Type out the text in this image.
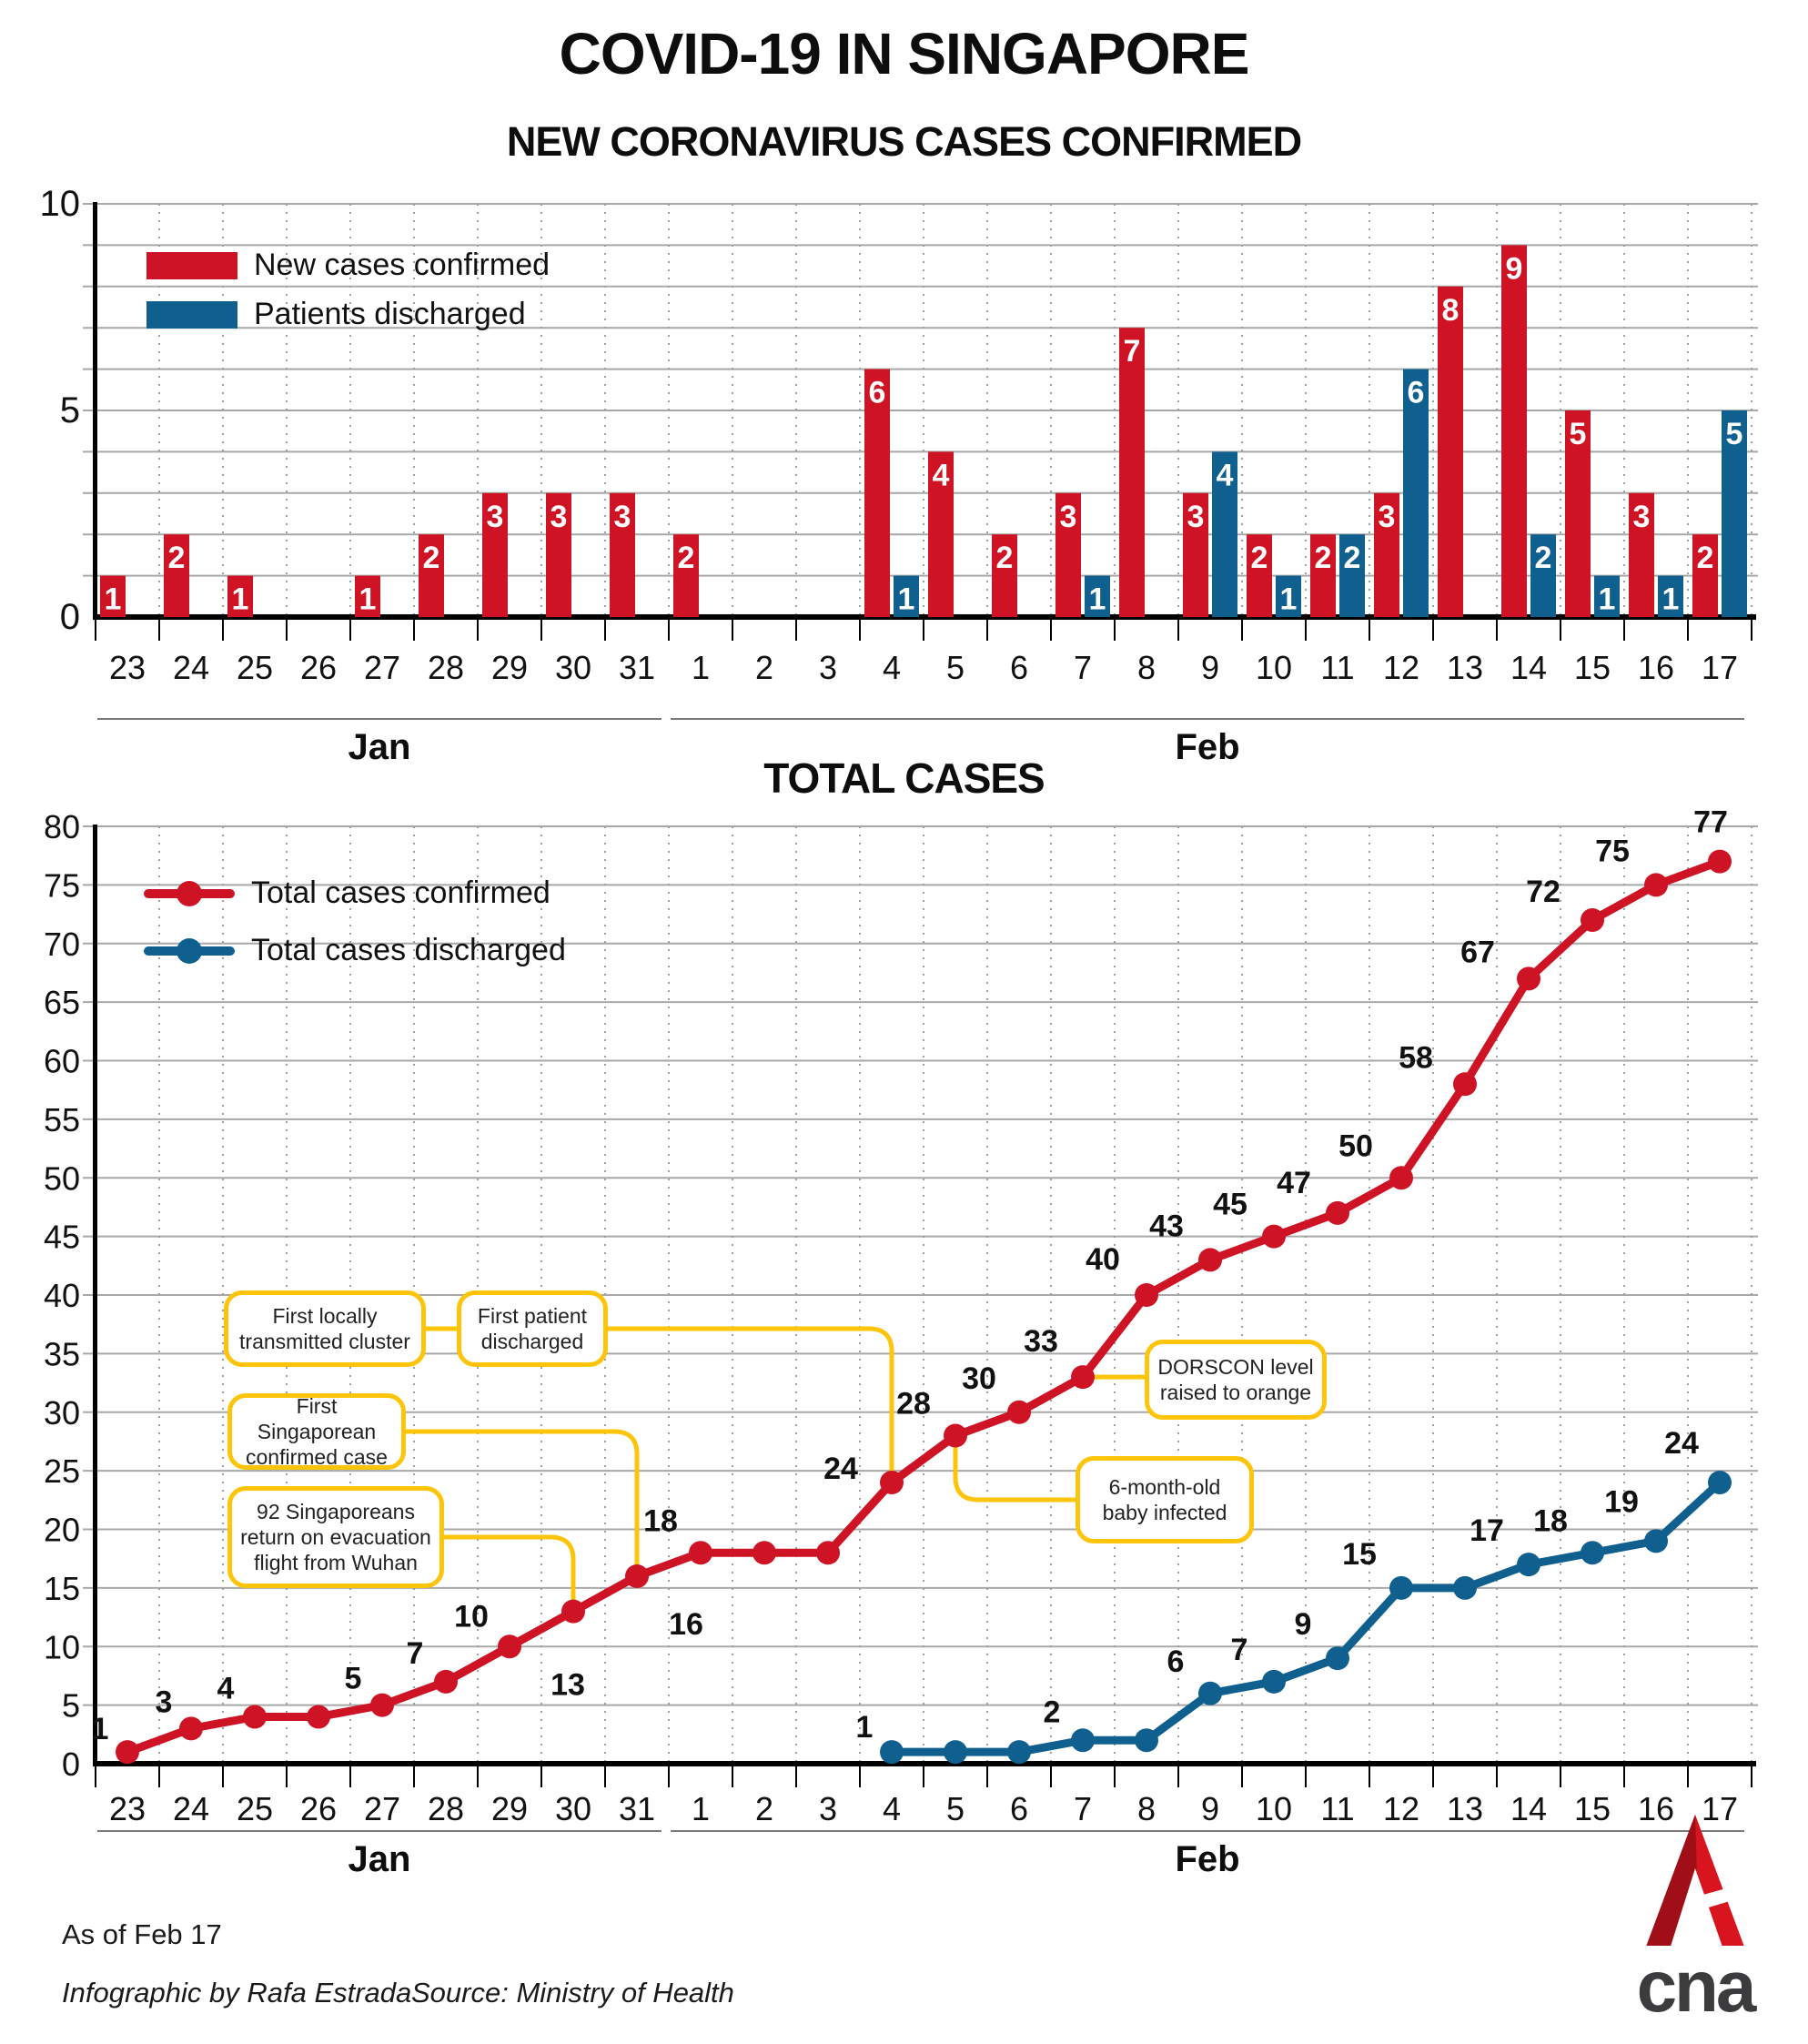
0
5
10
23 24 25 26 27 28 29 30 31 1 2 3 4 5 6 7 8 9 10 11 12 13 14 15 16 17
Jan	Feb
1
2
1	1
2
3 3 3
2
6
4
2
3
7
3
2 2
3
8
9
5
3
2
1	1
4
1
2
6
2
1 1
5
0
5
10
15
20
25
30
35
40
45
50
55
60
65
70
75
80
23 24 25 26 27 28 29 30 31 1 2 3 4 5 6 7 8 9 10 11 12 13 14 15 16 17
Jan	Feb
1
3 4	5
7
10
13
16
18
24
28
30
33
40
43
45
47
50
58
67
72
75
77
1	2
6 7
9
15
17 18
19
24
COVID-19 IN SINGAPORE
NEW CORONAVIRUS CASES CONFIRMED
New cases confirmed
Patients discharged
TOTAL CASES
Total cases confirmed
Total cases discharged
First locally transmitted cluster
First patient discharged
First Singaporean confirmed case
92 Singaporeans return on evacuation flight from Wuhan
DORSCON level raised to orange
6-month-old baby infected
As of Feb 17
Infographic by Rafa Estrada Source: Ministry of Health	cna
